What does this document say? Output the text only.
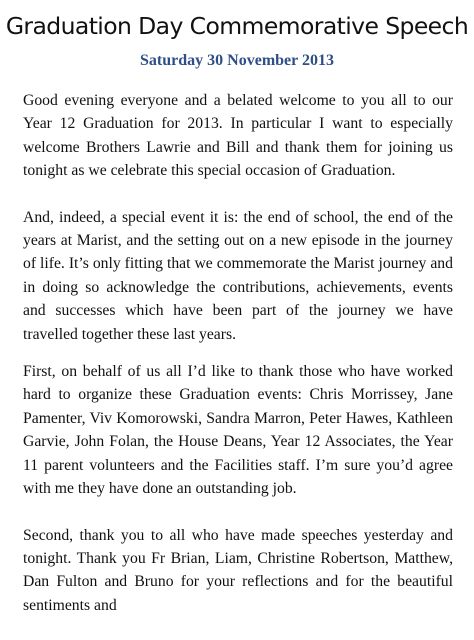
Graduation Day Commemorative Speech
Saturday 30 November 2013

Good evening everyone and a belated welcome to you all to our Year 12 Graduation for 2013. In particular I want to especially welcome Brothers Lawrie and Bill and thank them for joining us tonight as we celebrate this special occasion of Graduation.

And, indeed, a special event it is: the end of school, the end of the years at Marist, and the setting out on a new episode in the journey of life. It’s only fitting that we commemorate the Marist journey and in doing so acknowledge the contributions, achievements, events and successes which have been part of the journey we have travelled together these last years.

First, on behalf of us all I’d like to thank those who have worked hard to organize these Graduation events: Chris Morrissey, Jane Pamenter, Viv Komorowski, Sandra Marron, Peter Hawes, Kathleen Garvie, John Folan, the House Deans, Year 12 Associates, the Year 11 parent volunteers and the Facilities staff. I’m sure you’d agree with me they have done an outstanding job.

Second, thank you to all who have made speeches yesterday and tonight. Thank you Fr Brian, Liam, Christine Robertson, Matthew, Dan Fulton and Bruno for your reflections and for the beautiful sentiments and
